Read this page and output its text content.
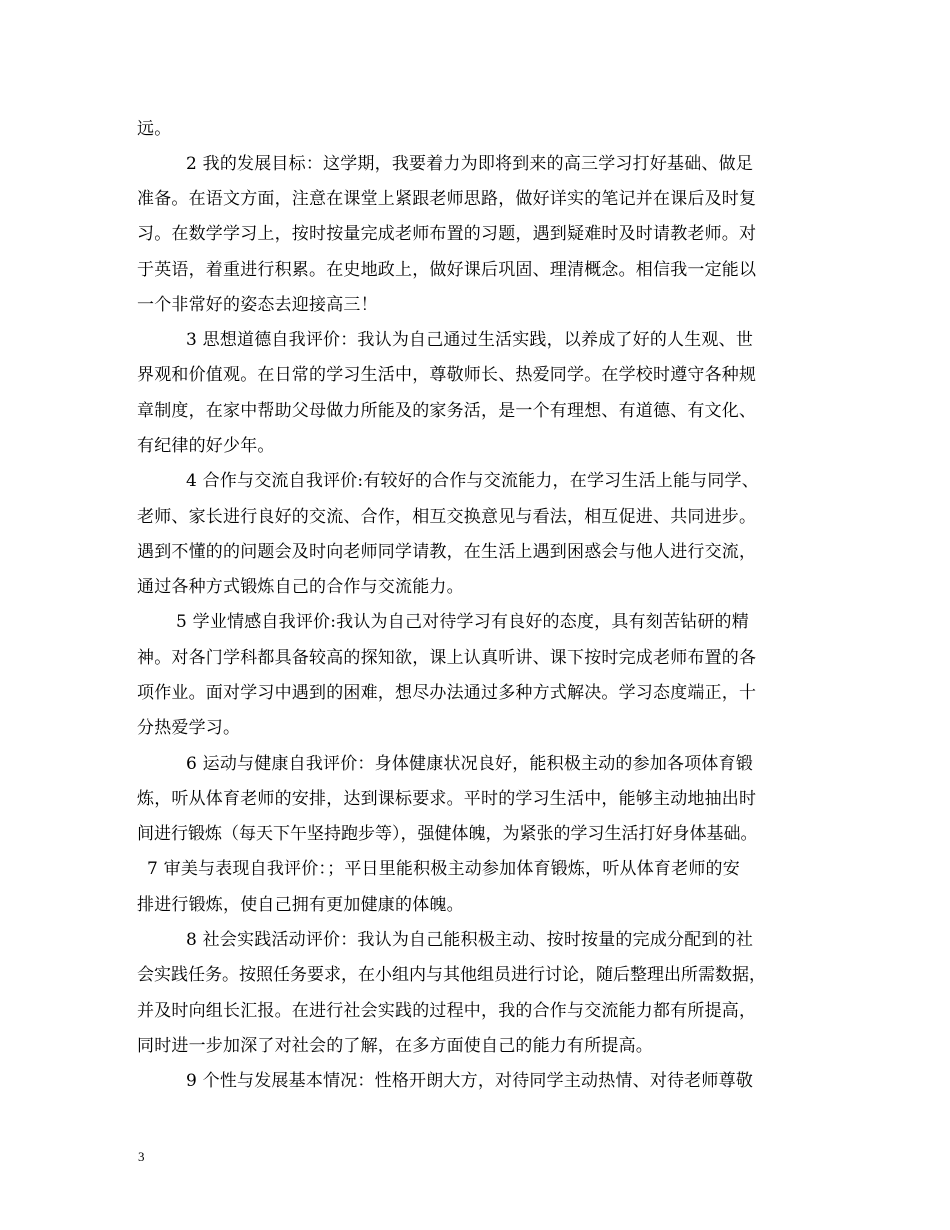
远。
2 我的发展目标：这学期，我要着力为即将到来的高三学习打好基础、做足
准备。在语文方面，注意在课堂上紧跟老师思路，做好详实的笔记并在课后及时复
习。在数学学习上，按时按量完成老师布置的习题，遇到疑难时及时请教老师。对
于英语，着重进行积累。在史地政上，做好课后巩固、理清概念。相信我一定能以
一个非常好的姿态去迎接高三！
3 思想道德自我评价：我认为自己通过生活实践，以养成了好的人生观、世
界观和价值观。在日常的学习生活中，尊敬师长、热爱同学。在学校时遵守各种规
章制度，在家中帮助父母做力所能及的家务活，是一个有理想、有道德、有文化、
有纪律的好少年。
4 合作与交流自我评价:有较好的合作与交流能力，在学习生活上能与同学、
老师、家长进行良好的交流、合作，相互交换意见与看法，相互促进、共同进步。
遇到不懂的的问题会及时向老师同学请教，在生活上遇到困惑会与他人进行交流，
通过各种方式锻炼自己的合作与交流能力。
5 学业情感自我评价:我认为自己对待学习有良好的态度，具有刻苦钻研的精
神。对各门学科都具备较高的探知欲，课上认真听讲、课下按时完成老师布置的各
项作业。面对学习中遇到的困难，想尽办法通过多种方式解决。学习态度端正，十
分热爱学习。
6 运动与健康自我评价：身体健康状况良好，能积极主动的参加各项体育锻
炼，听从体育老师的安排，达到课标要求。平时的学习生活中，能够主动地抽出时
间进行锻炼（每天下午坚持跑步等），强健体魄，为紧张的学习生活打好身体基础。
7 审美与表现自我评价：；平日里能积极主动参加体育锻炼，听从体育老师的安
排进行锻炼，使自己拥有更加健康的体魄。
8 社会实践活动评价：我认为自己能积极主动、按时按量的完成分配到的社
会实践任务。按照任务要求，在小组内与其他组员进行讨论，随后整理出所需数据，
并及时向组长汇报。在进行社会实践的过程中，我的合作与交流能力都有所提高，
同时进一步加深了对社会的了解，在多方面使自己的能力有所提高。
9 个性与发展基本情况：性格开朗大方，对待同学主动热情、对待老师尊敬
3
